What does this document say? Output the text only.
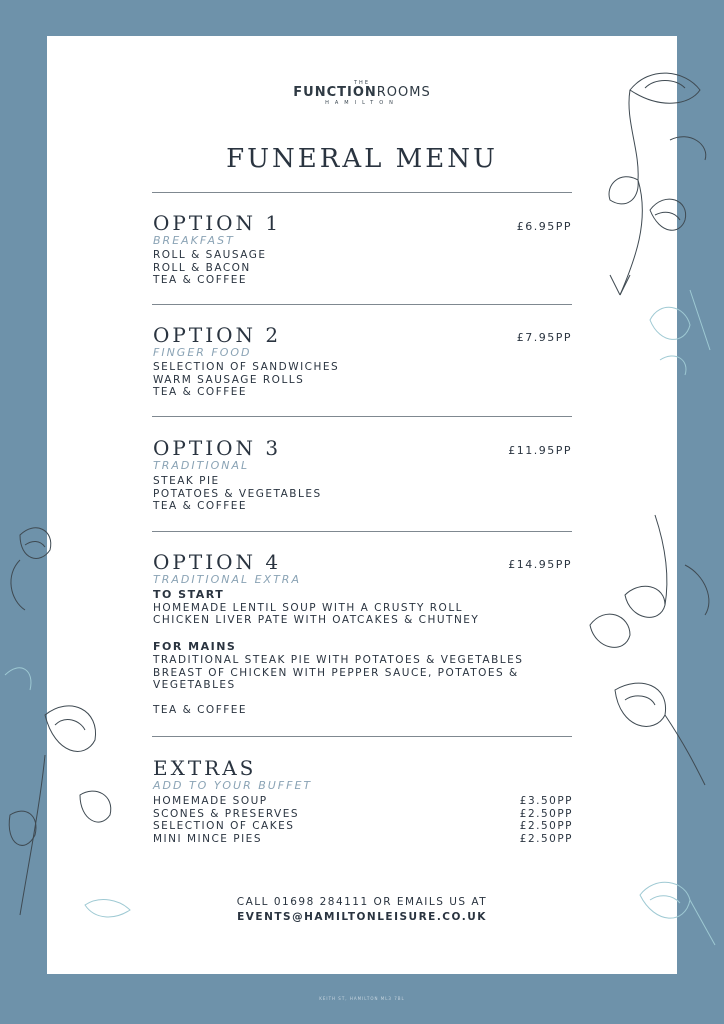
THE
FUNCTIONROOMS
HAMILTON
FUNERAL MENU
OPTION 1	£6.95PP
BREAKFAST
ROLL & SAUSAGE
ROLL & BACON
TEA & COFFEE
OPTION 2	£7.95PP
FINGER FOOD
SELECTION OF SANDWICHES
WARM SAUSAGE ROLLS
TEA & COFFEE
OPTION 3	£11.95PP
TRADITIONAL
STEAK PIE
POTATOES & VEGETABLES
TEA & COFFEE
OPTION 4	£14.95PP
TRADITIONAL EXTRA
TO START
HOMEMADE LENTIL SOUP WITH A CRUSTY ROLL
CHICKEN LIVER PATE WITH OATCAKES & CHUTNEY
FOR MAINS
TRADITIONAL STEAK PIE WITH POTATOES & VEGETABLES
BREAST OF CHICKEN WITH PEPPER SAUCE, POTATOES &
VEGETABLES
TEA & COFFEE
EXTRAS
ADD TO YOUR BUFFET
HOMEMADE SOUP	£3.50PP
SCONES & PRESERVES	£2.50PP
SELECTION OF CAKES	£2.50PP
MINI MINCE PIES	£2.50PP
CALL 01698 284111 OR EMAILS US AT
EVENTS@HAMILTONLEISURE.CO.UK
KEITH ST, HAMILTON ML3 7BL
